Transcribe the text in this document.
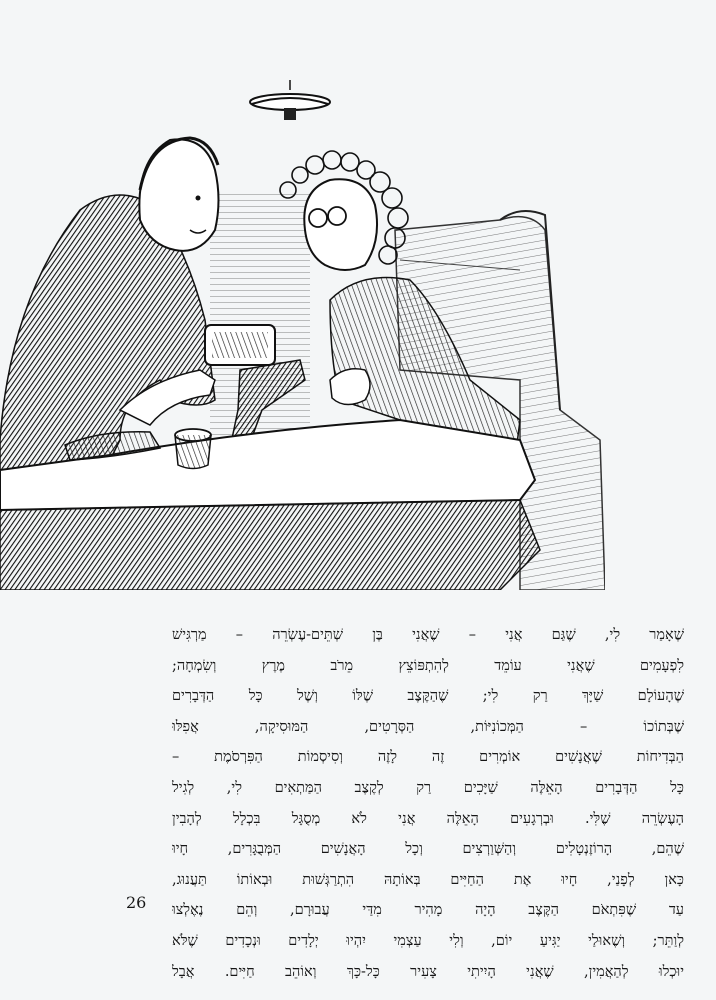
שֶׁאָמַר לִי, שֶׁגַּם אֲנִי – שֶׁאֲנִי בֶּן שְׁתֵּים-עֶשְׂרֵה – מַרְגִּישׁ
לִפְעָמִים שֶׁאֲנִי עוֹמֵד לְהִתְפּוֹצֵץ מֵרֹב מֶרֶץ וְשִׂמְחָה;
שֶׁהָעוֹלָם שַׁיָּךְ רַק לִי; שֶׁהַקֶּצֶב שֶׁלּוֹ וְשֶׁל כָּל הַדְּבָרִים
שֶׁבְּתוֹכוֹ – הַמְּכוֹנִיּוֹת, הַסְּרָטִים, הַמּוּסִיקָה, אֲפִלּוּ
הַבְּדִיחוֹת שֶׁאֲנָשִׁים אוֹמְרִים זֶה לָזֶה וְסִיסְמוֹת הַפִּרְסֹמֶת –
כָּל הַדְּבָרִים הָאֵלֶּה שַׁיָּכִים רַק לְקֶצֶב הַמַּתְאִים לִי, לְגִיל
הָעֶשְׂרֵה שֶׁלִּי. וּבְרְגָעִים הָאֵלֶּה אֲנִי לֹא מְסֻגָּל בִּכְלָל לְהָבִין
שֶׁהֵם, הָרוֹזֶנְטָלִים וְהַשְּׁוַרְצִים וְכָל הָאֲנָשִׁים הַמְּבֻגָּרִים, חָיוּ
כָּאן לְפָנַי, חָיוּ אֶת הַחַיִּים בְּאוֹתָהּ הִתְרַגְּשׁוּת וּבְאוֹתוֹ תַּעֲנוּג,
עַד שֶׁפִּתְאֹם הַקֶּצֶב הָיָה מָהִיר מִדַּי עֲבוּרָם, וְהֵם נֶאֶלְצוּ
לְוַתֵּר; וְשֶׁאוּלַי יַגִּיעַ יוֹם, וְלִי עַצְמִי יִהְיוּ יְלָדִים וּנְכָדִים שֶׁלֹּא
יוּכְלוּ לְהַאֲמִין, שֶׁאֲנִי הָיִיתִי צָעִיר כָּל-כָּךְ וְאוֹהֵב חַיִּים. אֲבָל
26
